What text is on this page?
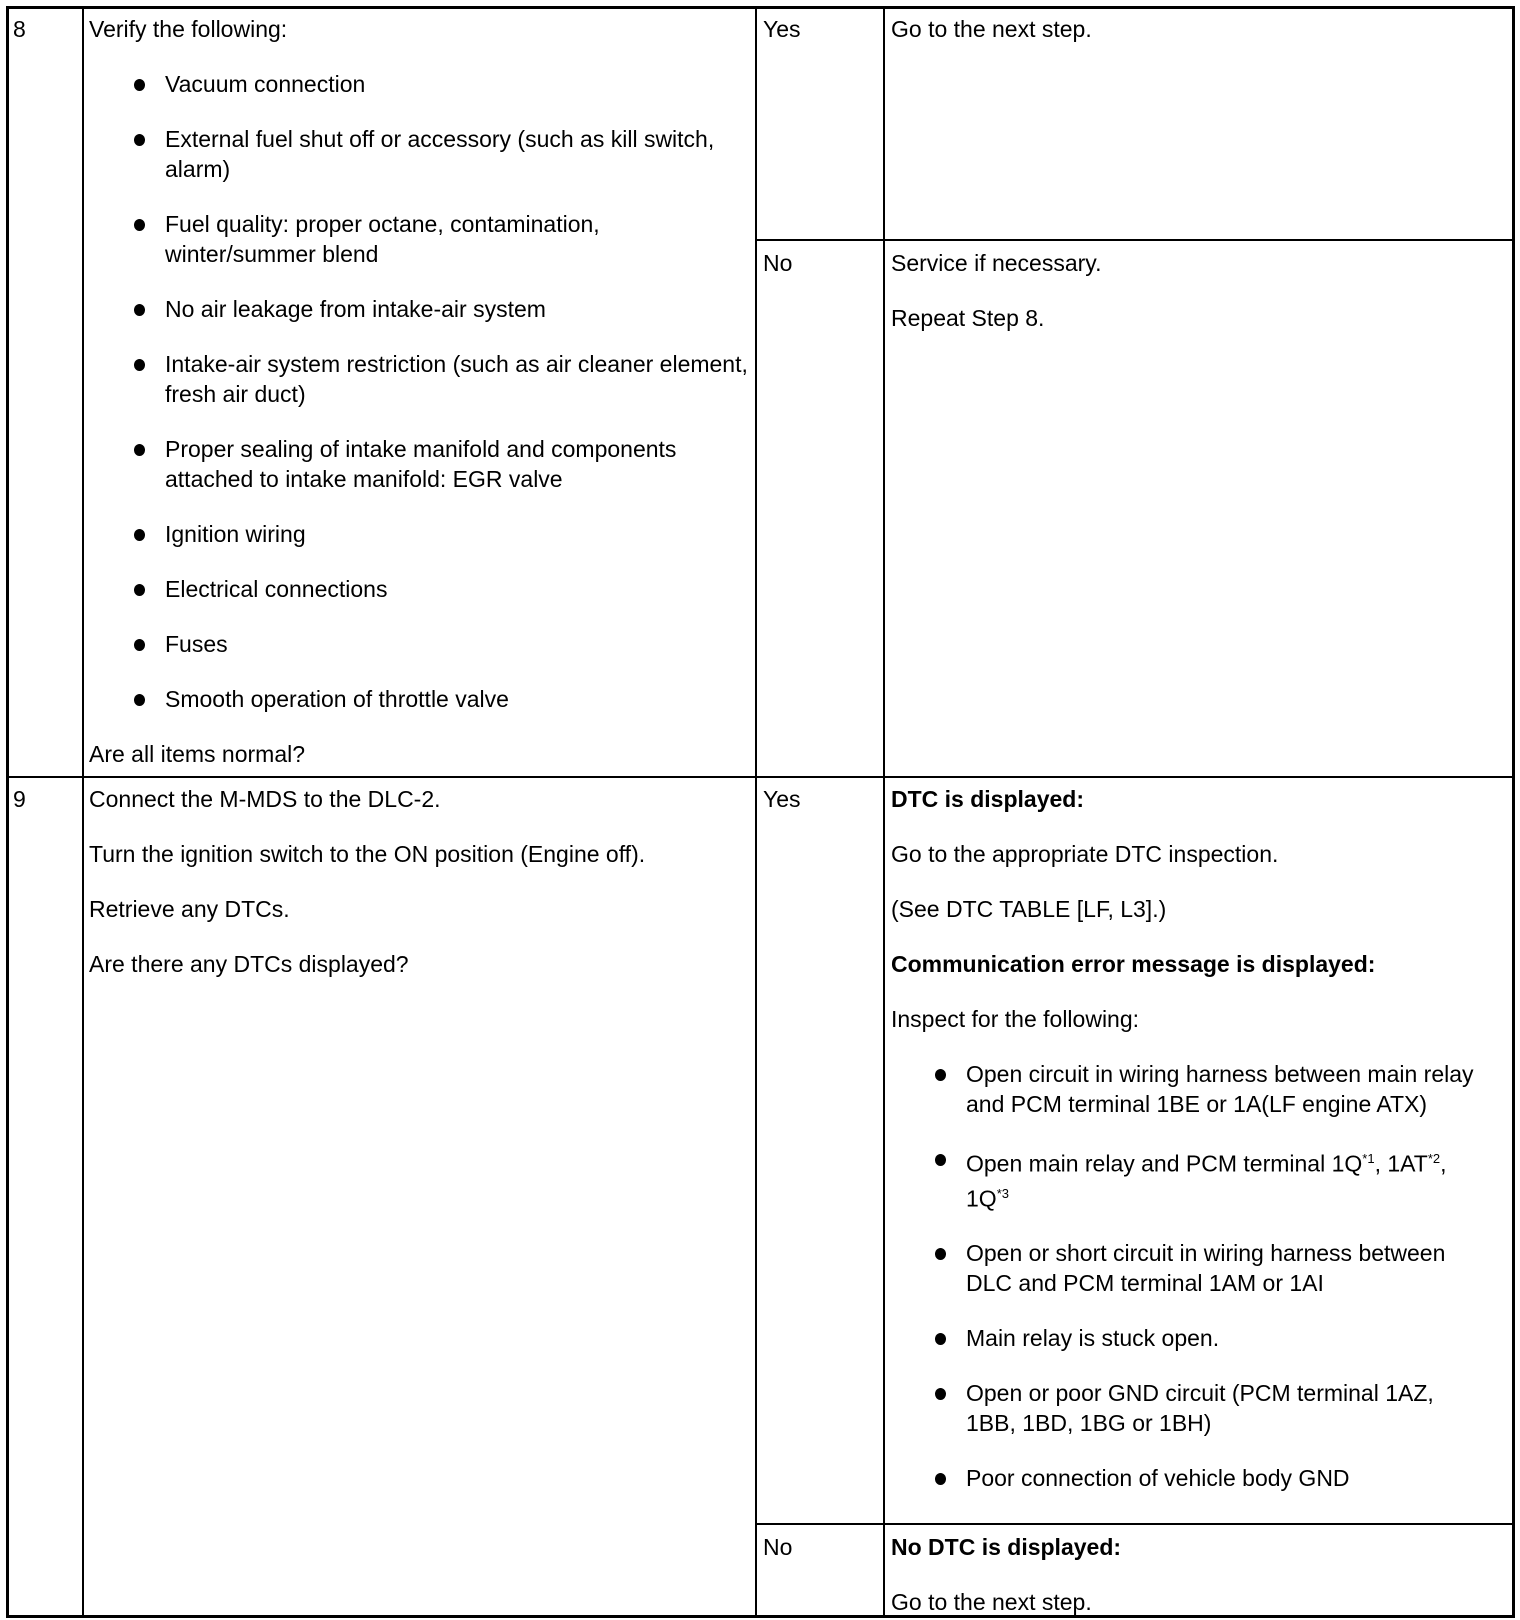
8	Verify the following:

Vacuum connection
External fuel shut off or accessory (such as kill switch, alarm)
Fuel quality: proper octane, contamination, winter/summer blend
No air leakage from intake-air system
Intake-air system restriction (such as air cleaner element, fresh air duct)
Proper sealing of intake manifold and components attached to intake manifold: EGR valve
Ignition wiring
Electrical connections
Fuses
Smooth operation of throttle valve

Are all items normal?

Yes	Go to the next step.
No	Service if necessary.

Repeat Step 8.

9	Connect the M-MDS to the DLC-2.

Turn the ignition switch to the ON position (Engine off).

Retrieve any DTCs.

Are there any DTCs displayed?

Yes	DTC is displayed:

Go to the appropriate DTC inspection.

(See DTC TABLE [LF, L3].)

Communication error message is displayed:

Inspect for the following:

Open circuit in wiring harness between main relay and PCM terminal 1BE or 1A(LF engine ATX)
Open main relay and PCM terminal $1Q^{*1}$, 1AT$^{*2}$, $1Q^{*3}$
Open or short circuit in wiring harness between DLC and PCM terminal 1AM or 1AI
Main relay is stuck open.
Open or poor GND circuit (PCM terminal 1AZ, 1BB, 1BD, 1BG or 1BH)
Poor connection of vehicle body GND
No	No DTC is displayed:

Go to the next step.
